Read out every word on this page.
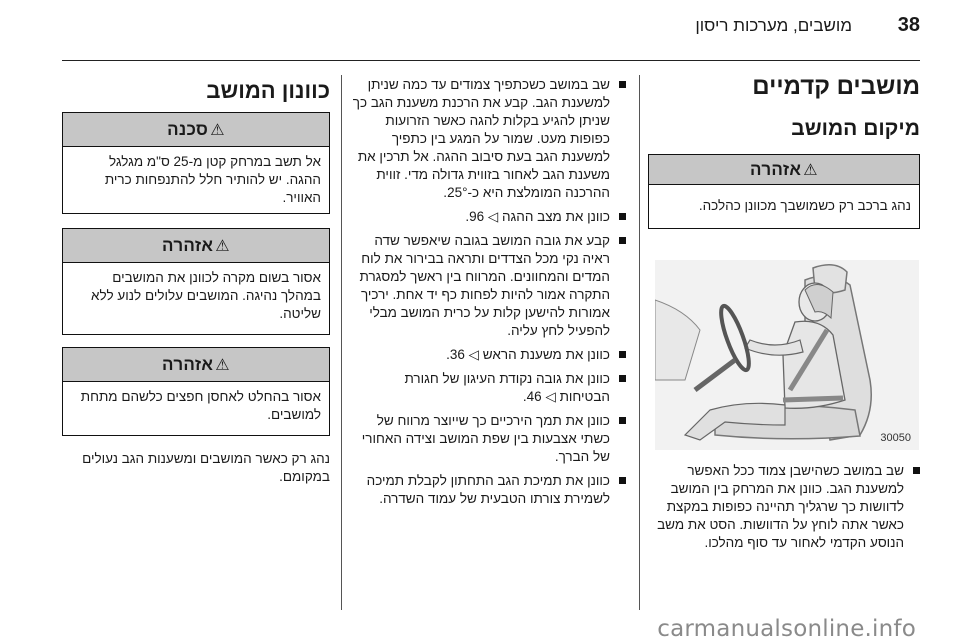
38
מושבים, מערכות ריסון
מושבים קדמיים
מיקום המושב
⚠אזהרה
נהג ברכב רק כשמושבך מכוונן כהלכה.
30050
שב במושב כשהישבן צמוד ככל האפשר למשענת הגב. כוונן את המרחק בין המושב לדוושות כך שרגליך תהיינה כפופות במקצת כאשר אתה לוחץ על הדוושות. הסט את משב הנוסע הקדמי לאחור עד סוף מהלכו.
שב במושב כשכתפיך צמודים עד כמה שניתן למשענת הגב. קבע את הרכנת משענת הגב כך שניתן להגיע בקלות להגה כאשר הזרועות כפופות מעט. שמור על המגע בין כתפיך למשענת הגב בעת סיבוב ההגה. אל תרכין את משענת הגב לאחור בזווית גדולה מדי. זווית ההרכנה המומלצת היא כ-25°.
כוונן את מצב ההגה ◁ 96.
קבע את גובה המושב בגובה שיאפשר שדה ראיה נקי מכל הצדדים ותראה בבירור את לוח המדים והמחוונים. המרווח בין ראשך למסגרת התקרה אמור להיות לפחות כף יד אחת. ירכיך אמורות להישען קלות על כרית המושב מבלי להפעיל לחץ עליה.
כוונן את משענת הראש ◁ 36.
כוונן את גובה נקודת העיגון של חגורת הבטיחות ◁ 46.
כוונן את תמך הירכיים כך שייוצר מרווח של כשתי אצבעות בין שפת המושב וצידה האחורי של הברך.
כוונן את תמיכת הגב התחתון לקבלת תמיכה לשמירת צורתו הטבעית של עמוד השדרה.
כוונון המושב
⚠סכנה
אל תשב במרחק קטן מ-25 ס"מ מגלגל ההגה. יש להותיר חלל להתנפחות כרית האוויר.
⚠אזהרה
אסור בשום מקרה לכוונן את המושבים במהלך נהיגה. המושבים עלולים לנוע ללא שליטה.
⚠אזהרה
אסור בהחלט לאחסן חפצים כלשהם מתחת למושבים.
נהג רק כאשר המושבים ומשענות הגב נעולים במקומם.
carmanualsonline.info
